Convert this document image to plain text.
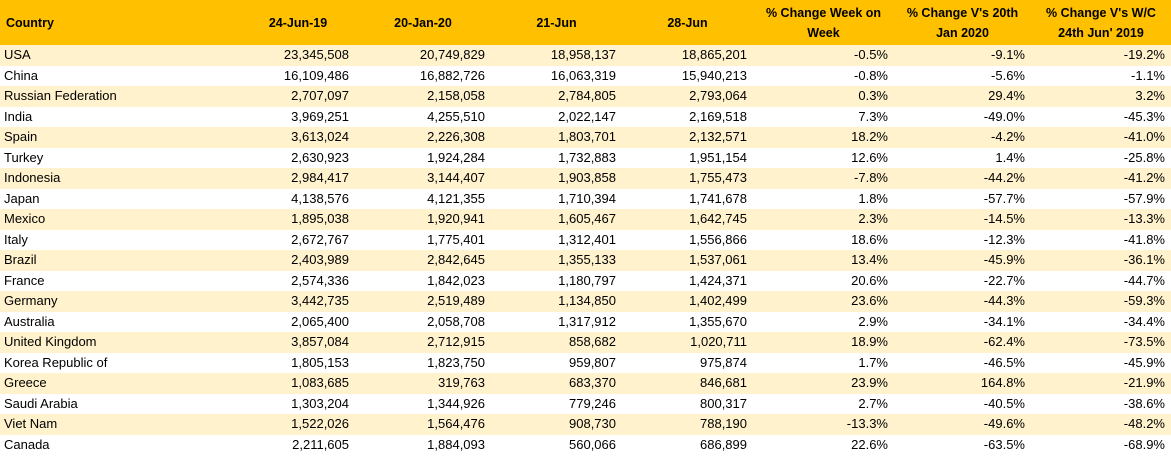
Country	24-Jun-19	20-Jan-20	21-Jun	28-Jun	% Change Week on Week	% Change V's 20th Jan 2020	% Change V's W/C 24th Jun' 2019
USA	23,345,508	20,749,829	18,958,137	18,865,201	-0.5%	-9.1%	-19.2%
China	16,109,486	16,882,726	16,063,319	15,940,213	-0.8%	-5.6%	-1.1%
Russian Federation	2,707,097	2,158,058	2,784,805	2,793,064	0.3%	29.4%	3.2%
India	3,969,251	4,255,510	2,022,147	2,169,518	7.3%	-49.0%	-45.3%
Spain	3,613,024	2,226,308	1,803,701	2,132,571	18.2%	-4.2%	-41.0%
Turkey	2,630,923	1,924,284	1,732,883	1,951,154	12.6%	1.4%	-25.8%
Indonesia	2,984,417	3,144,407	1,903,858	1,755,473	-7.8%	-44.2%	-41.2%
Japan	4,138,576	4,121,355	1,710,394	1,741,678	1.8%	-57.7%	-57.9%
Mexico	1,895,038	1,920,941	1,605,467	1,642,745	2.3%	-14.5%	-13.3%
Italy	2,672,767	1,775,401	1,312,401	1,556,866	18.6%	-12.3%	-41.8%
Brazil	2,403,989	2,842,645	1,355,133	1,537,061	13.4%	-45.9%	-36.1%
France	2,574,336	1,842,023	1,180,797	1,424,371	20.6%	-22.7%	-44.7%
Germany	3,442,735	2,519,489	1,134,850	1,402,499	23.6%	-44.3%	-59.3%
Australia	2,065,400	2,058,708	1,317,912	1,355,670	2.9%	-34.1%	-34.4%
United Kingdom	3,857,084	2,712,915	858,682	1,020,711	18.9%	-62.4%	-73.5%
Korea Republic of	1,805,153	1,823,750	959,807	975,874	1.7%	-46.5%	-45.9%
Greece	1,083,685	319,763	683,370	846,681	23.9%	164.8%	-21.9%
Saudi Arabia	1,303,204	1,344,926	779,246	800,317	2.7%	-40.5%	-38.6%
Viet Nam	1,522,026	1,564,476	908,730	788,190	-13.3%	-49.6%	-48.2%
Canada	2,211,605	1,884,093	560,066	686,899	22.6%	-63.5%	-68.9%
